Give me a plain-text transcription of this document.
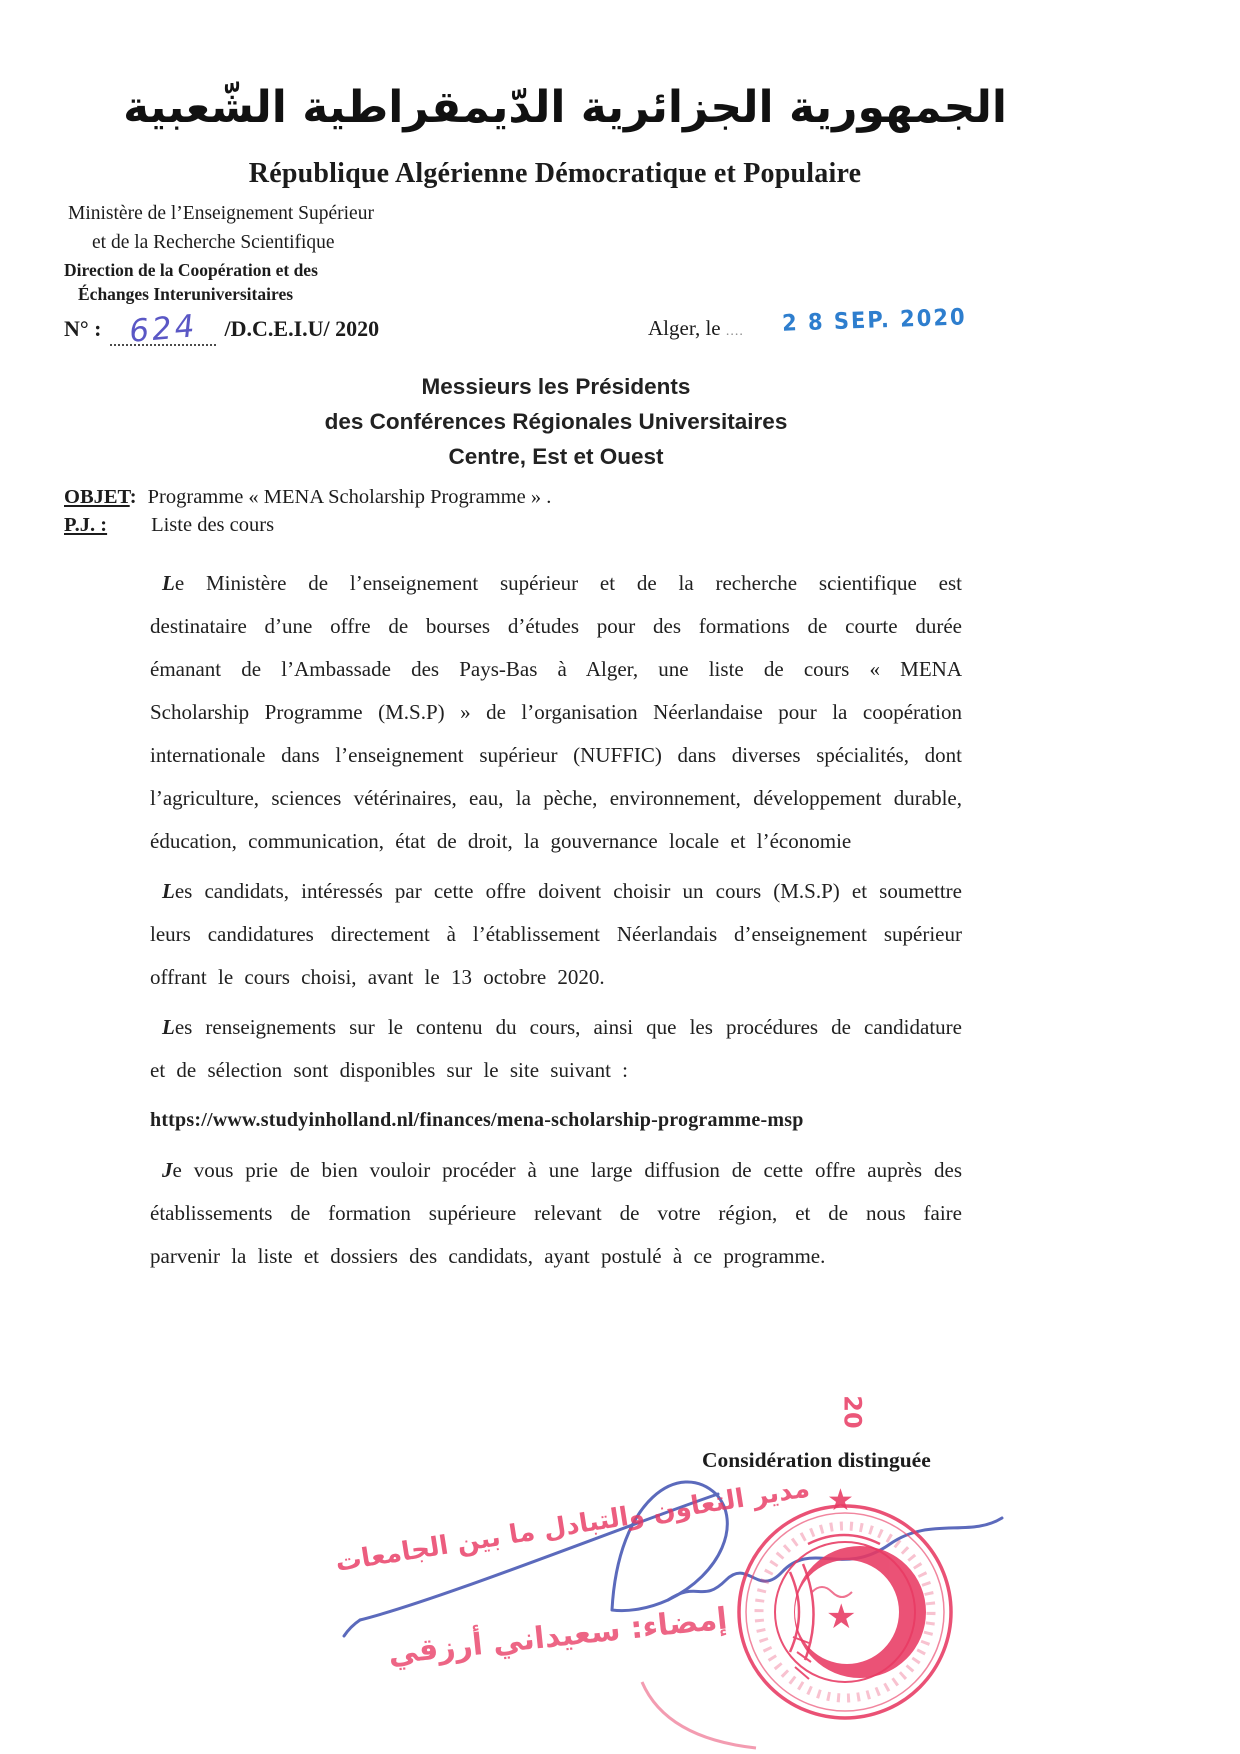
الجمهورية الجزائرية الدّيمقراطية الشّعبية
République Algérienne Démocratique et Populaire
Ministère de l’Enseignement Supérieur
et de la Recherche Scientifique
Direction de la Coopération et des
Échanges Interuniversitaires
N° : 624 /D.C.E.I.U/ 2020	Alger, le .... 2 8 SEP. 2020
Messieurs les Présidents
des Conférences Régionales Universitaires
Centre, Est et Ouest
OBJET: Programme « MENA Scholarship Programme » .
P.J. : Liste des cours

Le Ministère de l’enseignement supérieur et de la recherche scientifique est destinataire d’une offre de bourses d’études pour des formations de courte durée émanant de l’Ambassade des Pays-Bas à Alger, une liste de cours « MENA Scholarship Programme (M.S.P) » de l’organisation Néerlandaise pour la coopération internationale dans l’enseignement supérieur (NUFFIC) dans diverses spécialités, dont l’agriculture, sciences vétérinaires, eau, la pèche, environnement, développement durable, éducation, communication, état de droit, la gouvernance locale et l’économie

Les candidats, intéressés par cette offre doivent choisir un cours (M.S.P) et soumettre leurs candidatures directement à l’établissement Néerlandais d’enseignement supérieur offrant le cours choisi, avant le 13 octobre 2020.

Les renseignements sur le contenu du cours, ainsi que les procédures de candidature et de sélection sont disponibles sur le site suivant :

https://www.studyinholland.nl/finances/mena-scholarship-programme-msp

Je vous prie de bien vouloir procéder à une large diffusion de cette offre auprès des établissements de formation supérieure relevant de votre région, et de nous faire parvenir la liste et dossiers des candidats, ayant postulé à ce programme.

Considération distinguée
20
★
★
مدير التعاون والتبادل ما بين الجامعات
إمضاء: سعيداني أرزقي
